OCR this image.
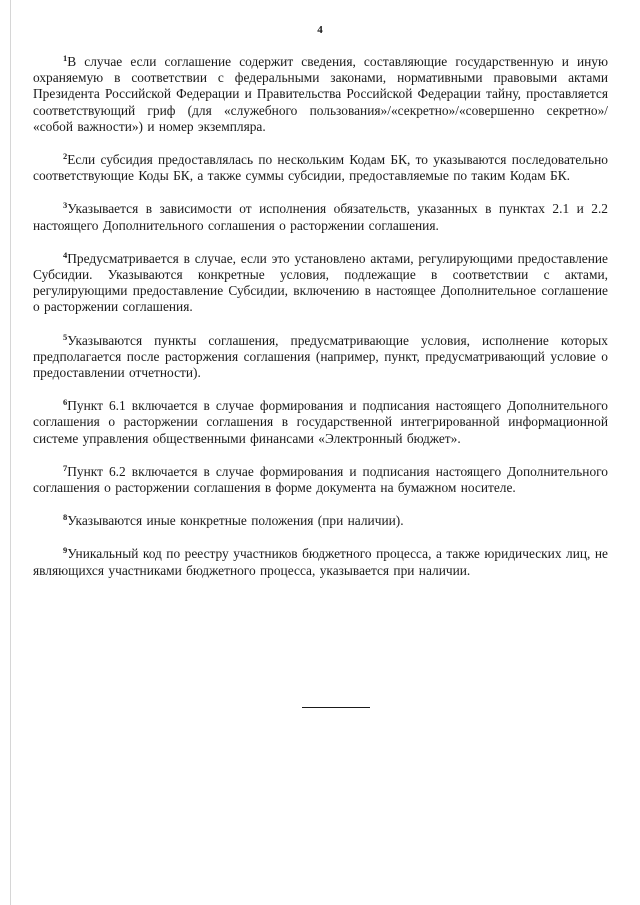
4

$^1$В случае если соглашение содержит сведения, составляющие государственную и иную охраняемую в соответствии с федеральными законами, нормативными правовыми актами Президента Российской Федерации и Правительства Российской Федерации тайну, проставляется соответствующий гриф (для «служебного пользования»/«секретно»/«совершенно секретно»/ «собой важности») и номер экземпляра.

$^2$Если субсидия предоставлялась по нескольким Кодам БК, то указываются последовательно соответствующие Коды БК, а также суммы субсидии, предоставляемые по таким Кодам БК.

$^3$Указывается в зависимости от исполнения обязательств, указанных в пунктах 2.1 и 2.2 настоящего Дополнительного соглашения о расторжении соглашения.

$^4$Предусматривается в случае, если это установлено актами, регулирующими предоставление Субсидии. Указываются конкретные условия, подлежащие в соответствии с актами, регулирующими предоставление Субсидии, включению в настоящее Дополнительное соглашение о расторжении соглашения.

$^5$Указываются пункты соглашения, предусматривающие условия, исполнение которых предполагается после расторжения соглашения (например, пункт, предусматривающий условие о предоставлении отчетности).

$^6$Пункт 6.1 включается в случае формирования и подписания настоящего Дополнительного соглашения о расторжении соглашения в государственной интегрированной информационной системе управления общественными финансами «Электронный бюджет».

$^7$Пункт 6.2 включается в случае формирования и подписания настоящего Дополнительного соглашения о расторжении соглашения в форме документа на бумажном носителе.

$^8$Указываются иные конкретные положения (при наличии).

$^9$Уникальный код по реестру участников бюджетного процесса, а также юридических лиц, не являющихся участниками бюджетного процесса, указывается при наличии.
